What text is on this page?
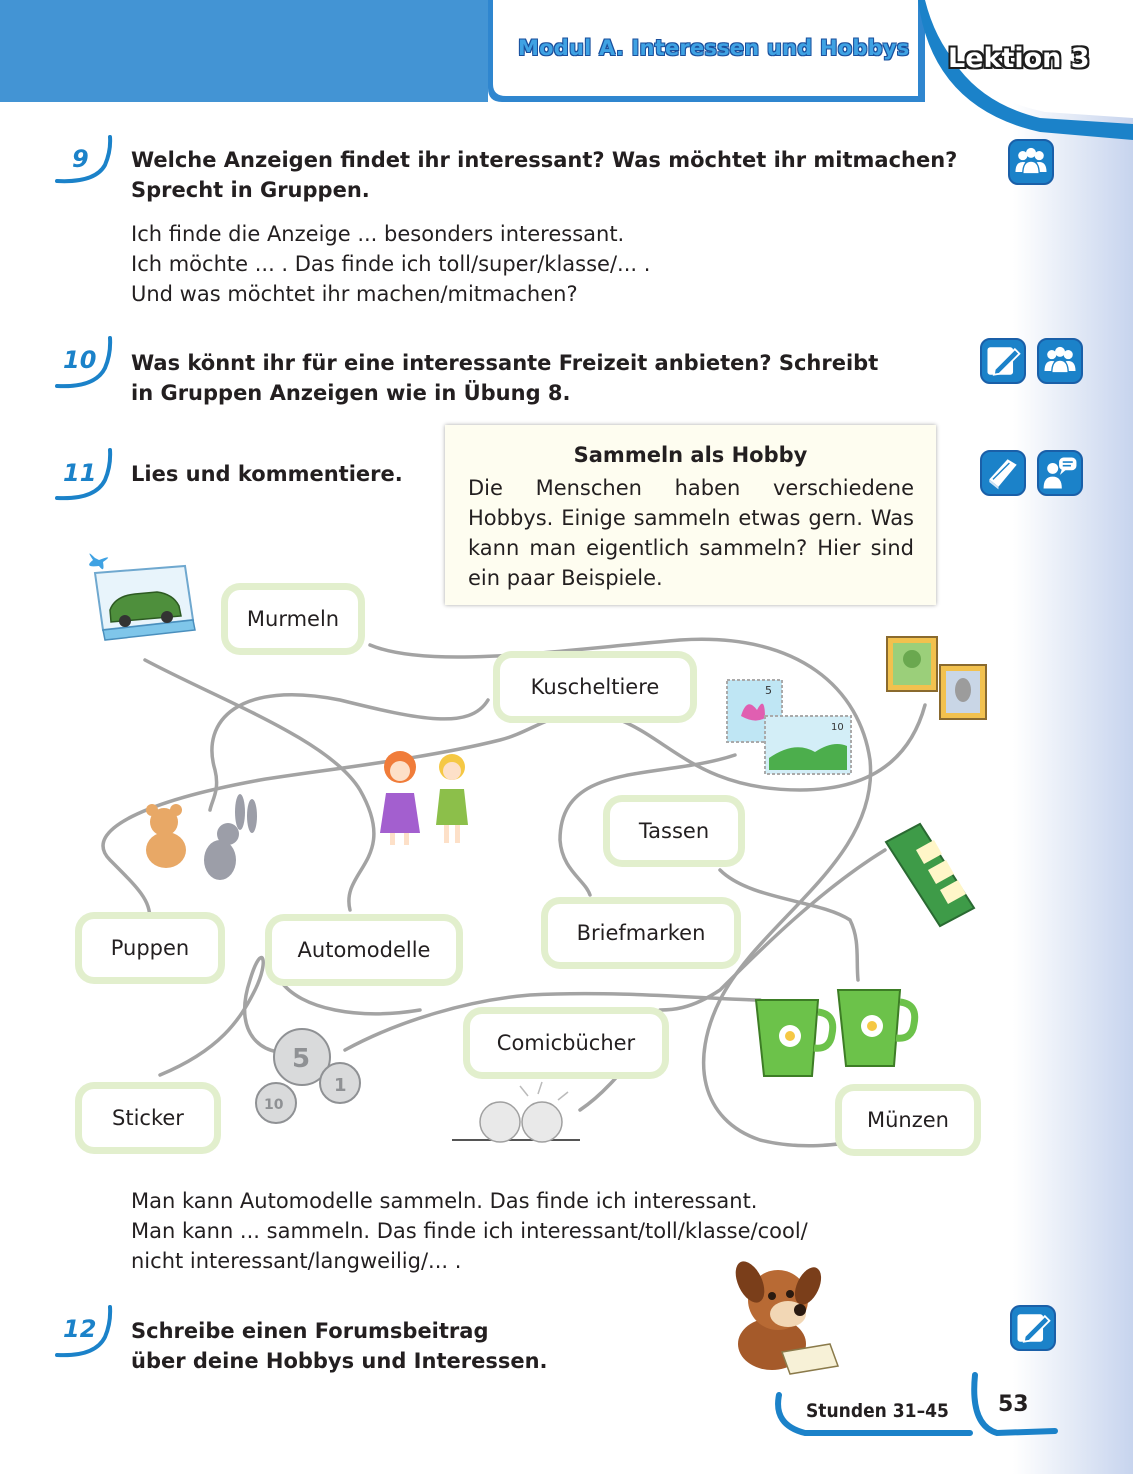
Modul A. Interessen und Hobbys Lektion 3
9 Welche Anzeigen findet ihr interessant? Was möchtet ihr mitmachen?
Sprecht in Gruppen.
Ich finde die Anzeige ... besonders interessant.
Ich möchte ... . Das finde ich toll/super/klasse/... .
Und was möchtet ihr machen/mitmachen?
10 Was könnt ihr für eine interessante Freizeit anbieten? Schreibt
in Gruppen Anzeigen wie in Übung 8.
11 Lies und kommentiere.
Sammeln als Hobby
Die Menschen haben verschiedene Hobbys. Einige sammeln etwas gern. Was kann man eigentlich sammeln? Hier sind ein paar Beispiele.
5
10
5
1
10
Murmeln
Kuscheltiere
Tassen
Puppen	Automodelle
Briefmarken
Comicbücher
Sticker	Münzen
Man kann Automodelle sammeln. Das finde ich interessant.
Man kann ... sammeln. Das finde ich interessant/toll/klasse/cool/
nicht interessant/langweilig/... .
12 Schreibe einen Forumsbeitrag
über deine Hobbys und Interessen.
Stunden 31–45 53
